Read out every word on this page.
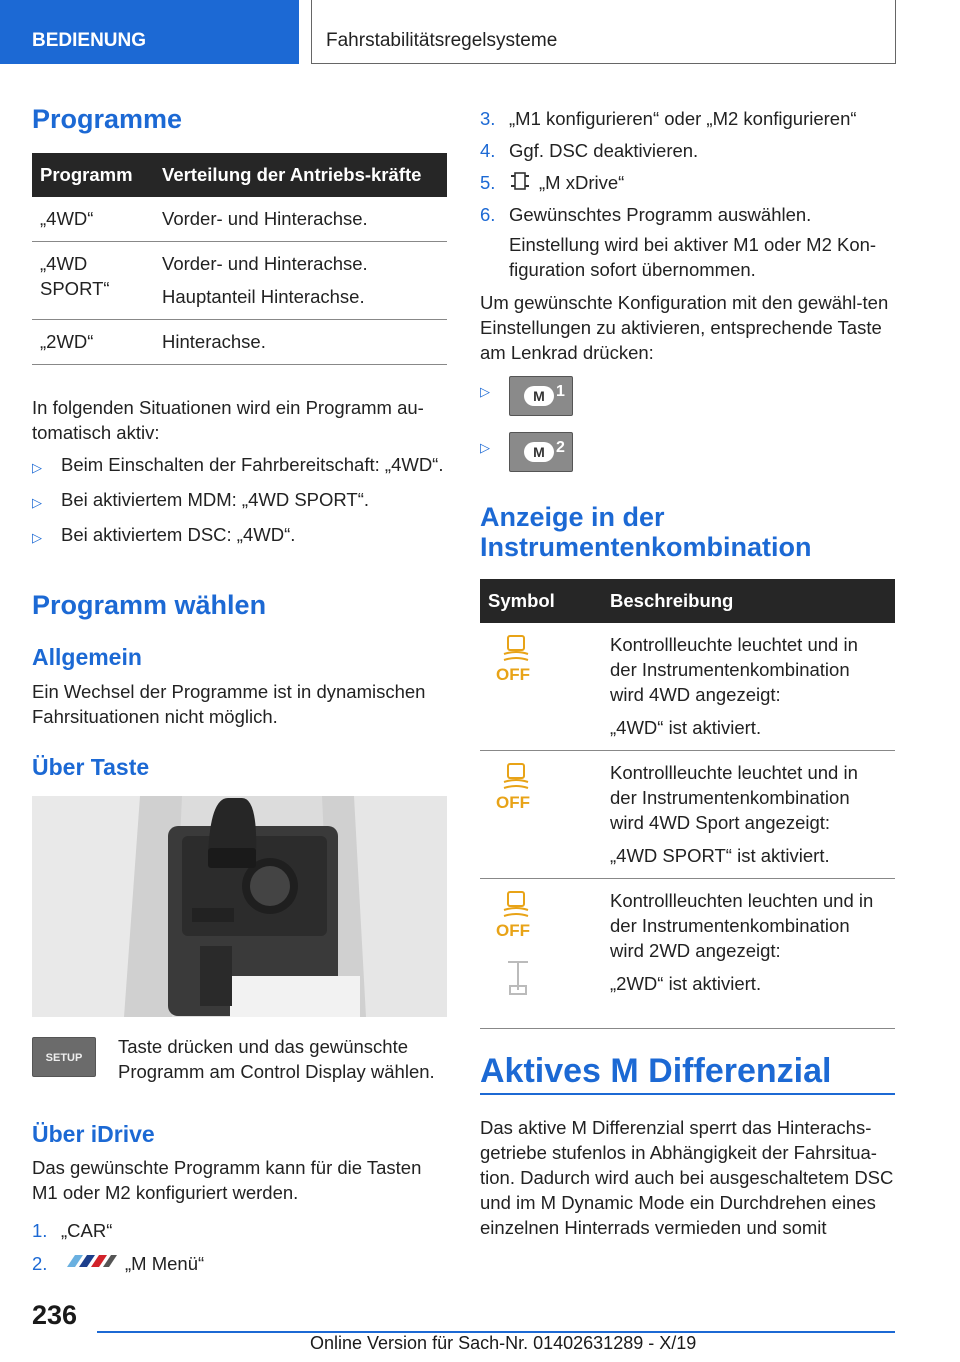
BEDIENUNG	Fahrstabilitätsregelsysteme
Programme
Programm	Verteilung der Antriebs-kräfte
„4WD“	Vorder- und Hinterachse.

„4WD SPORT“	Vorder- und Hinterachse.

Hauptanteil Hinterachse.

„2WD“	Hinterachse.

In folgenden Situationen wird ein Programm au-tomatisch aktiv:

▷	Beim Einschalten der Fahrbereitschaft: „4WD“.
▷	Bei aktiviertem MDM: „4WD SPORT“.
▷	Bei aktiviertem DSC: „4WD“.
Programm wählen
Allgemein

Ein Wechsel der Programme ist in dynamischen Fahrsituationen nicht möglich.

Über Taste
SETUP

Taste drücken und das gewünschte Programm am Control Display wählen.

Über iDrive

Das gewünschte Programm kann für die Tasten M1 oder M2 konfiguriert werden.

1. „CAR“
2.	„M Menü“
3. „M1 konfigurieren“ oder „M2 konfigurieren“
4. Ggf. DSC deaktivieren.
5.	„M xDrive“
6. Gewünschtes Programm auswählen.

Einstellung wird bei aktiver M1 oder M2 Kon-figuration sofort übernommen.

Um gewünschte Konfiguration mit den gewähl-ten Einstellungen zu aktivieren, entsprechende Taste am Lenkrad drücken:

▷	M 1
▷	M 2
Anzeige in der Instrumentenkombination
Symbol	Beschreibung

OFF	Kontrollleuchte leuchtet und in der Instrumentenkombination wird 4WD angezeigt:

„4WD“ ist aktiviert.

OFF	Kontrollleuchte leuchtet und in der Instrumentenkombination wird 4WD Sport angezeigt:

„4WD SPORT“ ist aktiviert.

OFF	Kontrollleuchten leuchten und in der Instrumentenkombination wird 2WD angezeigt:

„2WD“ ist aktiviert.

Aktives M Differenzial

Das aktive M Differenzial sperrt das Hinterachs-getriebe stufenlos in Abhängigkeit der Fahrsitua-tion. Dadurch wird auch bei ausgeschaltetem DSC und im M Dynamic Mode ein Durchdrehen eines einzelnen Hinterrads vermieden und somit

236
Online Version für Sach-Nr. 01402631289 - X/19
